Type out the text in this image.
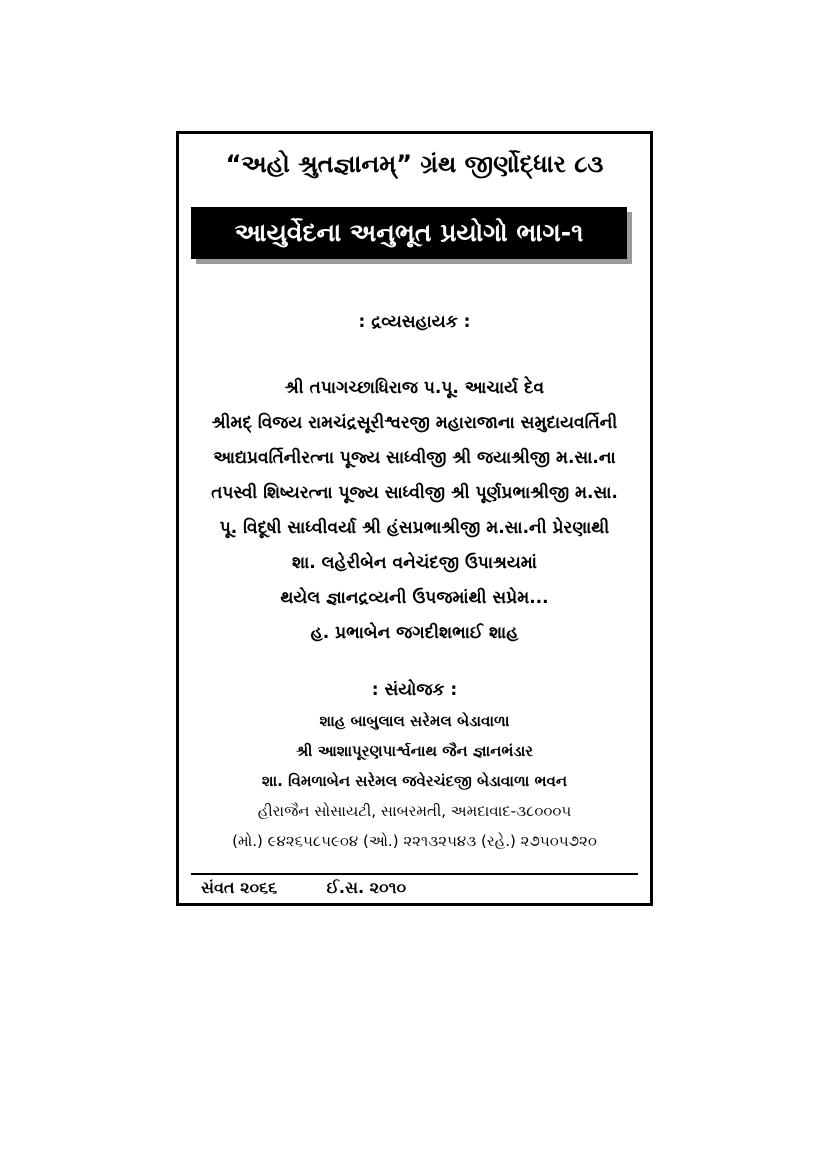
“અહો શ્રુતજ્ઞાનમ્” ગ્રંથ જીર્ણોદ્ધાર ૮૩
આયુર્વેદના અનુભૂત પ્રયોગો ભાગ-૧
: દ્રવ્યસહાયક :
શ્રી તપાગચ્છાધિરાજ પ.પૂ. આચાર્ય દેવ
શ્રીમદ્ વિજય રામચંદ્રસૂરીશ્વરજી મહારાજાના સમુદાયવર્તિની
આદ્યપ્રવર્તિનીરત્ના પૂજ્ય સાધ્વીજી શ્રી જયાશ્રીજી મ.સા.ના
તપસ્વી શિષ્યરત્ના પૂજ્ય સાધ્વીજી શ્રી પૂર્ણપ્રભાશ્રીજી મ.સા.
પૂ. વિદૂષી સાધ્વીવર્યા શ્રી હંસપ્રભાશ્રીજી મ.સા.ની પ્રેરણાથી
શા. લહેરીબેન વનેચંદજી ઉપાશ્રયમાં
થયેલ જ્ઞાનદ્રવ્યની ઉપજમાંથી સપ્રેમ...
હ. પ્રભાબેન જગદીશભાઈ શાહ
: સંયોજક :
શાહ બાબુલાલ સરેમલ બેડાવાળા
શ્રી આશાપૂરણપાર્શ્વનાથ જૈન જ્ઞાનભંડાર
શા. વિમળાબેન સરેમલ જવેરચંદજી બેડાવાળા ભવન
હીરાજૈન સોસાયટી, સાબરમતી, અમદાવાદ-૩૮૦૦૦૫
(મો.) ૯૪૨૬૫૮૫૯૦૪ (ઓ.) ૨૨૧૩૨૫૪૩ (રહે.) ૨૭૫૦૫૭૨૦
સંવત ૨૦૬૬	ઈ.સ. ૨૦૧૦
